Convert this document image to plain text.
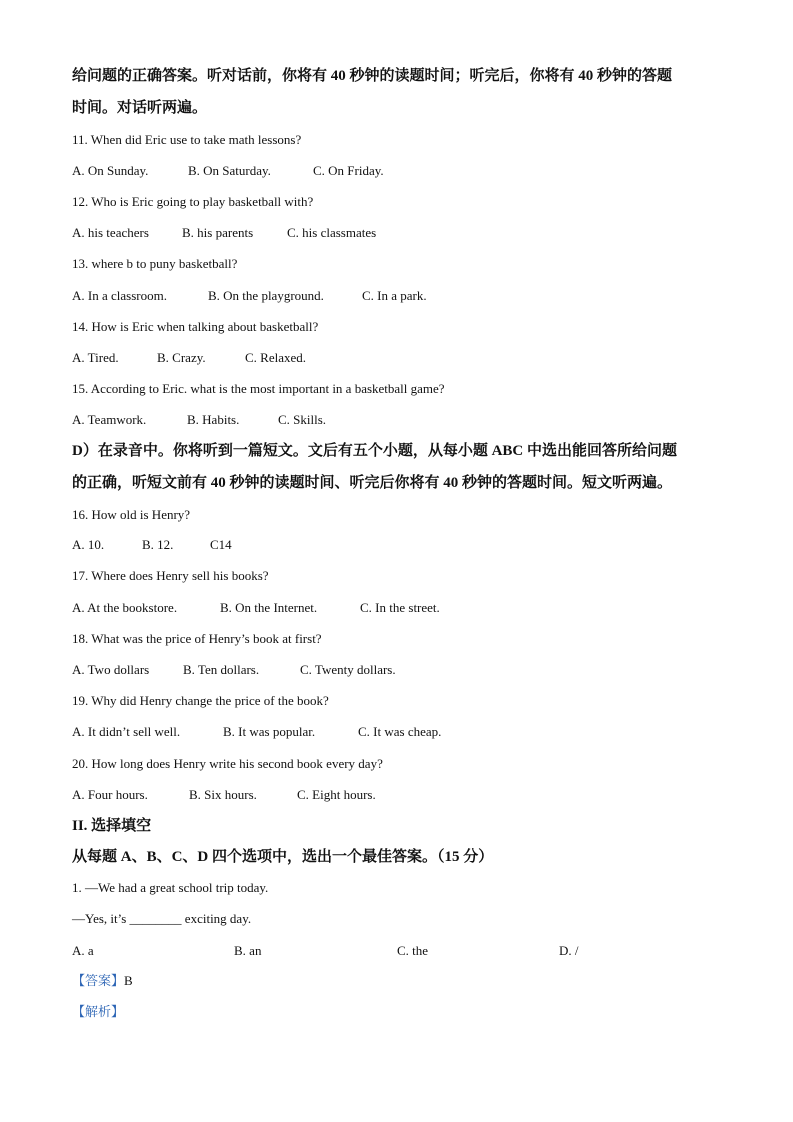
给问题的正确答案。听对话前，你将有 40 秒钟的读题时间；听完后，你将有 40 秒钟的答题
时间。对话听两遍。
11. When did Eric use to take math lessons?
A. On Sunday.	B. On Saturday.	C. On Friday.
12. Who is Eric going to play basketball with?
A. his teachers	B. his parents	C. his classmates
13. where b to puny basketball?
A. In a classroom.	B. On the playground.	C. In a park.
14. How is Eric when talking about basketball?
A. Tired.	B. Crazy.	C. Relaxed.
15. According to Eric. what is the most important in a basketball game?
A. Teamwork.	B. Habits.	C. Skills.
D）在录音中。你将听到一篇短文。文后有五个小题，从每小题 ABC 中选出能回答所给问题
的正确，听短文前有 40 秒钟的读题时间、听完后你将有 40 秒钟的答题时间。短文听两遍。
16. How old is Henry?
A. 10.	B. 12.	C14
17. Where does Henry sell his books?
A. At the bookstore.	B. On the Internet.	C. In the street.
18. What was the price of Henry’s book at first?
A. Two dollars	B. Ten dollars.	C. Twenty dollars.
19. Why did Henry change the price of the book?
A. It didn’t sell well.	B. It was popular.	C. It was cheap.
20. How long does Henry write his second book every day?
A. Four hours.	B. Six hours.	C. Eight hours.
II. 选择填空
从每题 A、B、C、D 四个选项中，选出一个最佳答案。（15 分）
1. —We had a great school trip today.
—Yes, it’s ________ exciting day.
A. a	B. an	C. the	D. /
【答案】B
【解析】
